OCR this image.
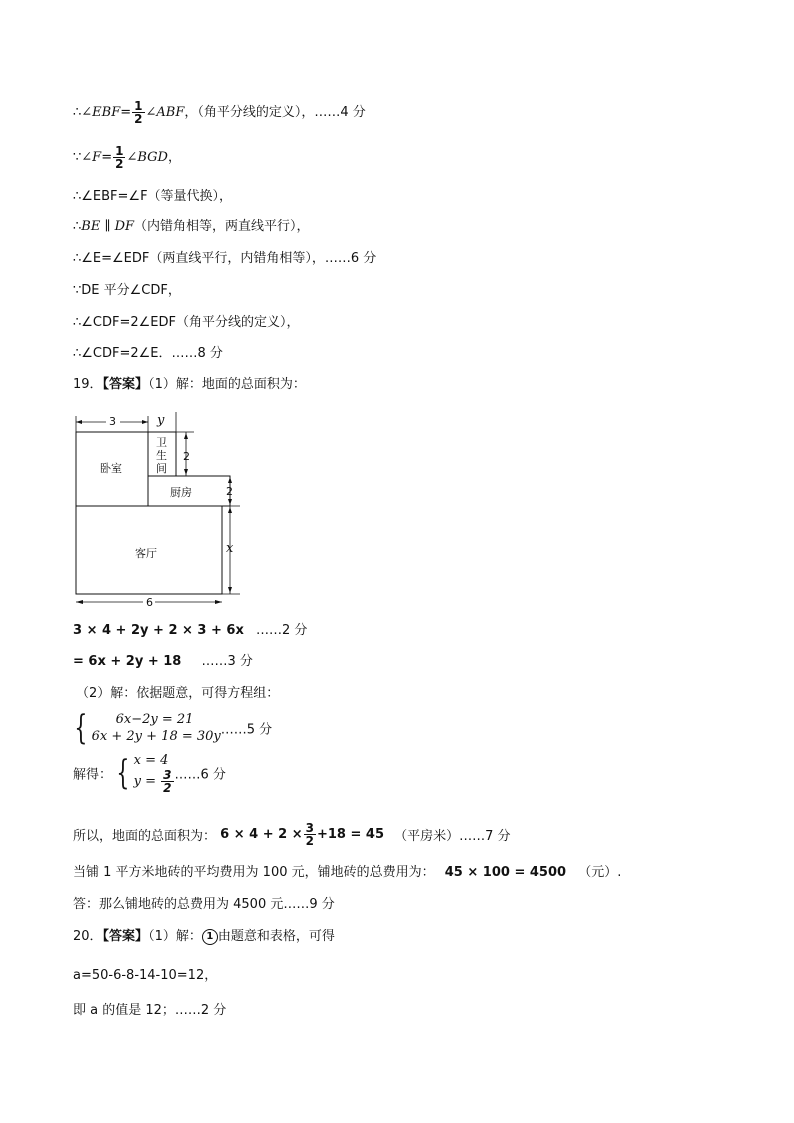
∴∠EBF= $\frac{1}{2}$ ∠ABF，（角平分线的定义），……4 分
∵∠F= $\frac{1}{2}$ ∠BGD，
∴∠EBF=∠F（等量代换），
∴BE ∥ DF（内错角相等，两直线平行），
∴∠E=∠EDF（两直线平行，内错角相等），……6 分
∵DE 平分∠CDF，
∴∠CDF=2∠EDF（角平分线的定义），
∴∠CDF=2∠E．……8 分
19．【答案】（1）解：地面的总面积为：
3	y
2
2
x
6
卧室
卫
生
间
厨房
客厅
3 × 4 + 2y + 2 × 3 + 6x ……2 分
= 6x + 2y + 18 ……3 分
（2）解：依据题意，可得方程组：
{	6x−2y = 21
6x + 2y + 18 = 30y ……5 分
解得： { x = 4
$y = \frac{3}{2}$ ……6 分
所以，地面的总面积为： $6 \times 4 + 2 \times \frac{3}{2} +18 = 45$ （平房米）……7 分
当铺 1 平方米地砖的平均费用为 100 元，铺地砖的总费用为： 45 × 100 = 4500 （元）.
答：那么铺地砖的总费用为 4500 元……9 分
20．【答案】（1）解： 1 由题意和表格，可得
a=50-6-8-14-10=12，
即 a 的值是 12；……2 分
